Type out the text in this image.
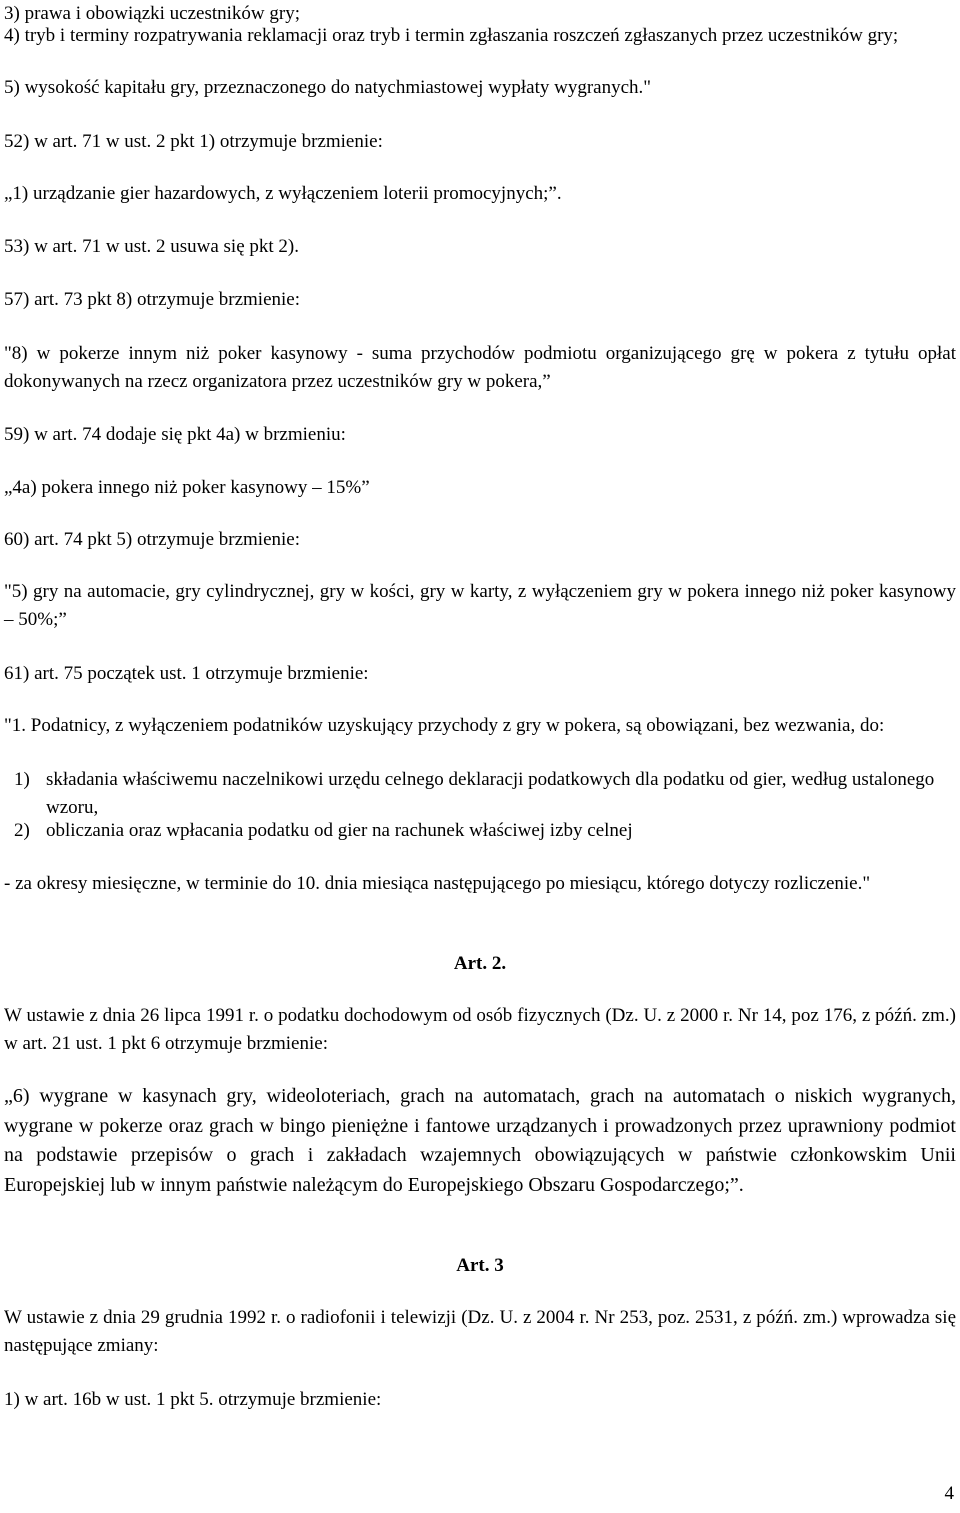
3) prawa i obowiązki uczestników gry;

4) tryb i terminy rozpatrywania reklamacji oraz tryb i termin zgłaszania roszczeń zgłaszanych przez uczestników gry;

5) wysokość kapitału gry, przeznaczonego do natychmiastowej wypłaty wygranych."

52) w art. 71 w ust. 2 pkt 1) otrzymuje brzmienie:

„1) urządzanie gier hazardowych, z wyłączeniem loterii promocyjnych;”.

53) w art. 71 w ust. 2 usuwa się pkt 2).

57) art. 73 pkt 8) otrzymuje brzmienie:

"8) w pokerze innym niż poker kasynowy - suma przychodów podmiotu organizującego grę w pokera z tytułu opłat dokonywanych na rzecz organizatora przez uczestników gry w pokera,”

59) w art. 74 dodaje się pkt 4a) w brzmieniu:

„4a) pokera innego niż poker kasynowy – 15%”

60) art. 74 pkt 5) otrzymuje brzmienie:

"5) gry na automacie, gry cylindrycznej, gry w kości, gry w karty, z wyłączeniem gry w pokera innego niż poker kasynowy – 50%;”

61) art. 75 początek ust. 1 otrzymuje brzmienie:

"1. Podatnicy, z wyłączeniem podatników uzyskujący przychody z gry w pokera, są obowiązani, bez wezwania, do:

1) składania właściwemu naczelnikowi urzędu celnego deklaracji podatkowych dla podatku od gier, według ustalonego wzoru,
2) obliczania oraz wpłacania podatku od gier na rachunek właściwej izby celnej

- za okresy miesięczne, w terminie do 10. dnia miesiąca następującego po miesiącu, którego dotyczy rozliczenie."

Art. 2.

W ustawie z dnia 26 lipca 1991 r. o podatku dochodowym od osób fizycznych (Dz. U. z 2000 r. Nr 14, poz 176, z późń. zm.) w art. 21 ust. 1 pkt 6 otrzymuje brzmienie:

„6) wygrane w kasynach gry, wideoloteriach, grach na automatach, grach na automatach o niskich wygranych, wygrane w pokerze oraz grach w bingo pieniężne i fantowe urządzanych i prowadzonych przez uprawniony podmiot na podstawie przepisów o grach i zakładach wzajemnych obowiązujących w państwie członkowskim Unii Europejskiej lub w innym państwie należącym do Europejskiego Obszaru Gospodarczego;”.

Art. 3

W ustawie z dnia 29 grudnia 1992 r. o radiofonii i telewizji (Dz. U. z 2004 r. Nr 253, poz. 2531, z późń. zm.) wprowadza się następujące zmiany:

1) w art. 16b w ust. 1 pkt 5. otrzymuje brzmienie:

4
